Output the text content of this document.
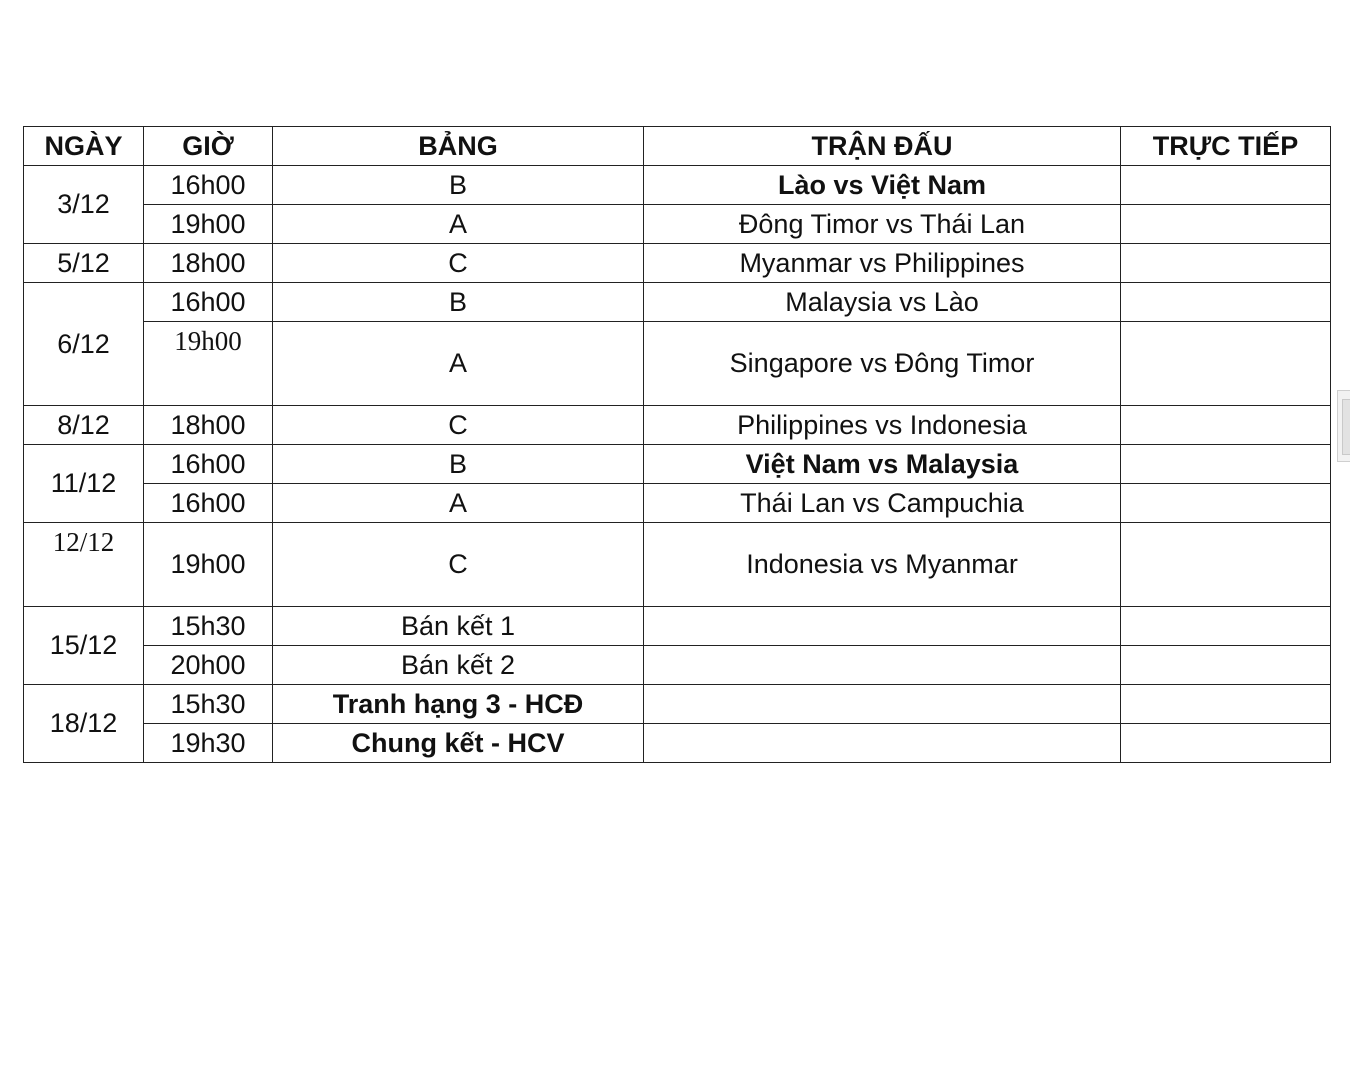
NGÀY	GIỜ	BẢNG	TRẬN ĐẤU	TRỰC TIẾP
3/12	16h00	B	Lào vs Việt Nam	
	19h00	A	Đông Timor vs Thái Lan	
5/12	18h00	C	Myanmar vs Philippines	
6/12	16h00	B	Malaysia vs Lào	
	19h00	A	Singapore vs Đông Timor	
8/12	18h00	C	Philippines vs Indonesia	
11/12	16h00	B	Việt Nam vs Malaysia	
	16h00	A	Thái Lan vs Campuchia	
12/12	19h00	C	Indonesia vs Myanmar	
15/12	15h30	Bán kết 1		
	20h00	Bán kết 2		
18/12	15h30	Tranh hạng 3 - HCĐ		
	19h30	Chung kết - HCV		
